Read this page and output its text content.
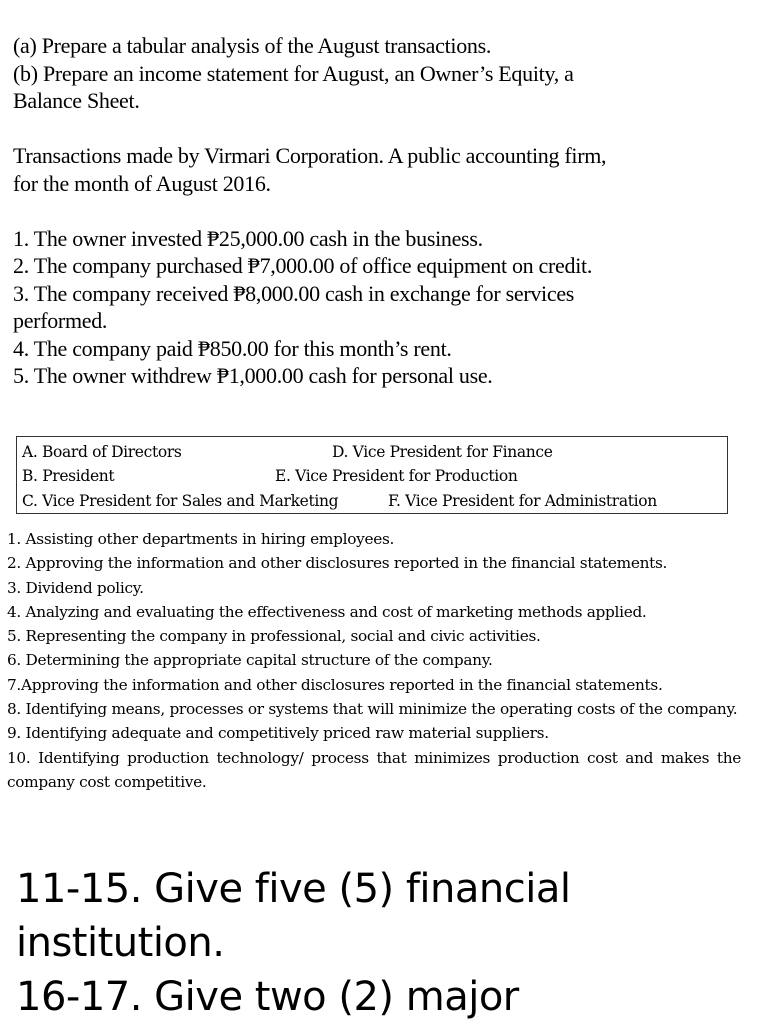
(a) Prepare a tabular analysis of the August transactions.
(b) Prepare an income statement for August, an Owner’s Equity, a
Balance Sheet.
Transactions made by Virmari Corporation. A public accounting firm,
for the month of August 2016.
1. The owner invested ₱25,000.00 cash in the business.
2. The company purchased ₱7,000.00 of office equipment on credit.
3. The company received ₱8,000.00 cash in exchange for services
performed.
4. The company paid ₱850.00 for this month’s rent.
5. The owner withdrew ₱1,000.00 cash for personal use.
A. Board of Directors	D. Vice President for Finance
B. President	E. Vice President for Production
C. Vice President for Sales and Marketing	F. Vice President for Administration
1. Assisting other departments in hiring employees.
2. Approving the information and other disclosures reported in the financial statements.
3. Dividend policy.
4. Analyzing and evaluating the effectiveness and cost of marketing methods applied.
5. Representing the company in professional, social and civic activities.
6. Determining the appropriate capital structure of the company.
7.Approving the information and other disclosures reported in the financial statements.
8. Identifying means, processes or systems that will minimize the operating costs of the company.
9. Identifying adequate and competitively priced raw material suppliers.
10. Identifying production technology/ process that minimizes production cost and makes the company cost competitive.
11-15. Give five (5) financial
institution.
16-17. Give two (2) major
